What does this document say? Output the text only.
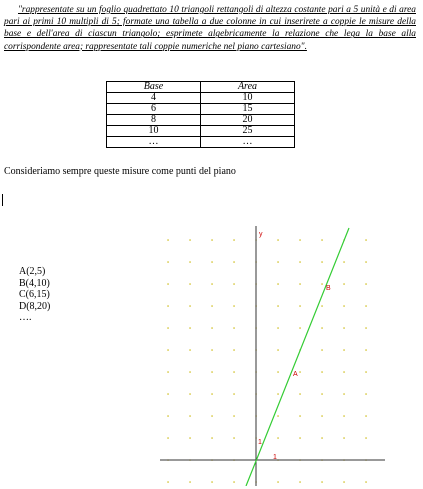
"rappresentate su un foglio quadrettato 10 triangoli rettangoli di altezza costante pari a 5 unità e di area pari ai primi 10 multipli di 5; formate una tabella a due colonne in cui inserirete a coppie le misure della base e dell'area di ciascun triangolo; esprimete algebricamente la relazione che lega la base alla corrispondente area; rappresentate tali coppie numeriche nel piano cartesiano".
Base	Area
4	10
6	15
8	20
10	25
…	…
Consideriamo sempre queste misure come punti del piano
A(2,5)
B(4,10)
C(6,15)
D(8,20)
….
y
1
1
A
B
